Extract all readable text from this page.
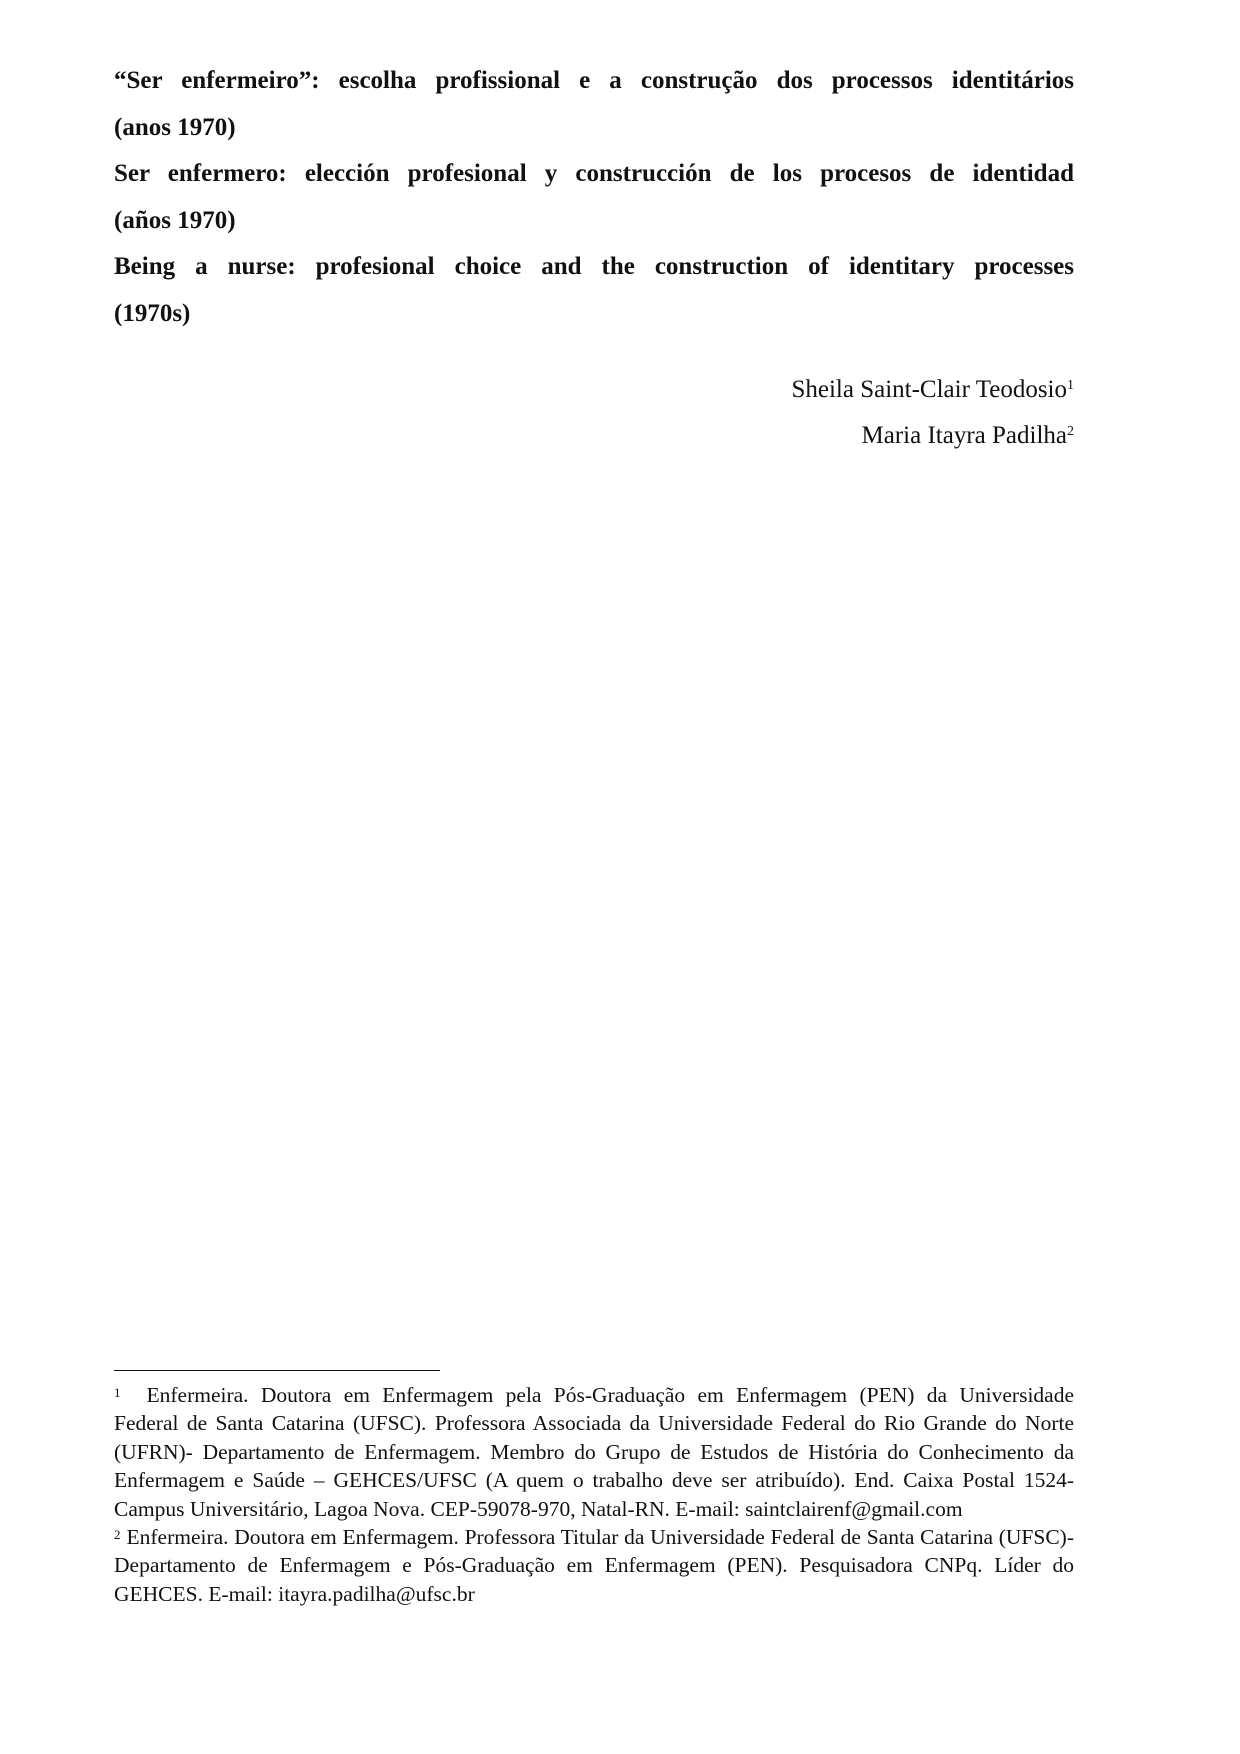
“Ser enfermeiro”: escolha profissional e a construção dos processos identitários

(anos 1970)

Ser enfermero: elección profesional y construcción de los procesos de identidad

(años 1970)

Being a nurse: profesional choice and the construction of identitary processes

(1970s)

Sheila Saint-Clair Teodosio$^1$

Maria Itayra Padilha$^2$

$^1$ Enfermeira. Doutora em Enfermagem pela Pós-Graduação em Enfermagem (PEN) da Universidade Federal de Santa Catarina (UFSC). Professora Associada da Universidade Federal do Rio Grande do Norte (UFRN)- Departamento de Enfermagem. Membro do Grupo de Estudos de História do Conhecimento da Enfermagem e Saúde – GEHCES/UFSC (A quem o trabalho deve ser atribuído). End. Caixa Postal 1524- Campus Universitário, Lagoa Nova. CEP-59078-970, Natal-RN. E-mail: saintclairenf@gmail.com

$^2$ Enfermeira. Doutora em Enfermagem. Professora Titular da Universidade Federal de Santa Catarina (UFSC)-Departamento de Enfermagem e Pós-Graduação em Enfermagem (PEN). Pesquisadora CNPq. Líder do GEHCES. E-mail: itayra.padilha@ufsc.br
